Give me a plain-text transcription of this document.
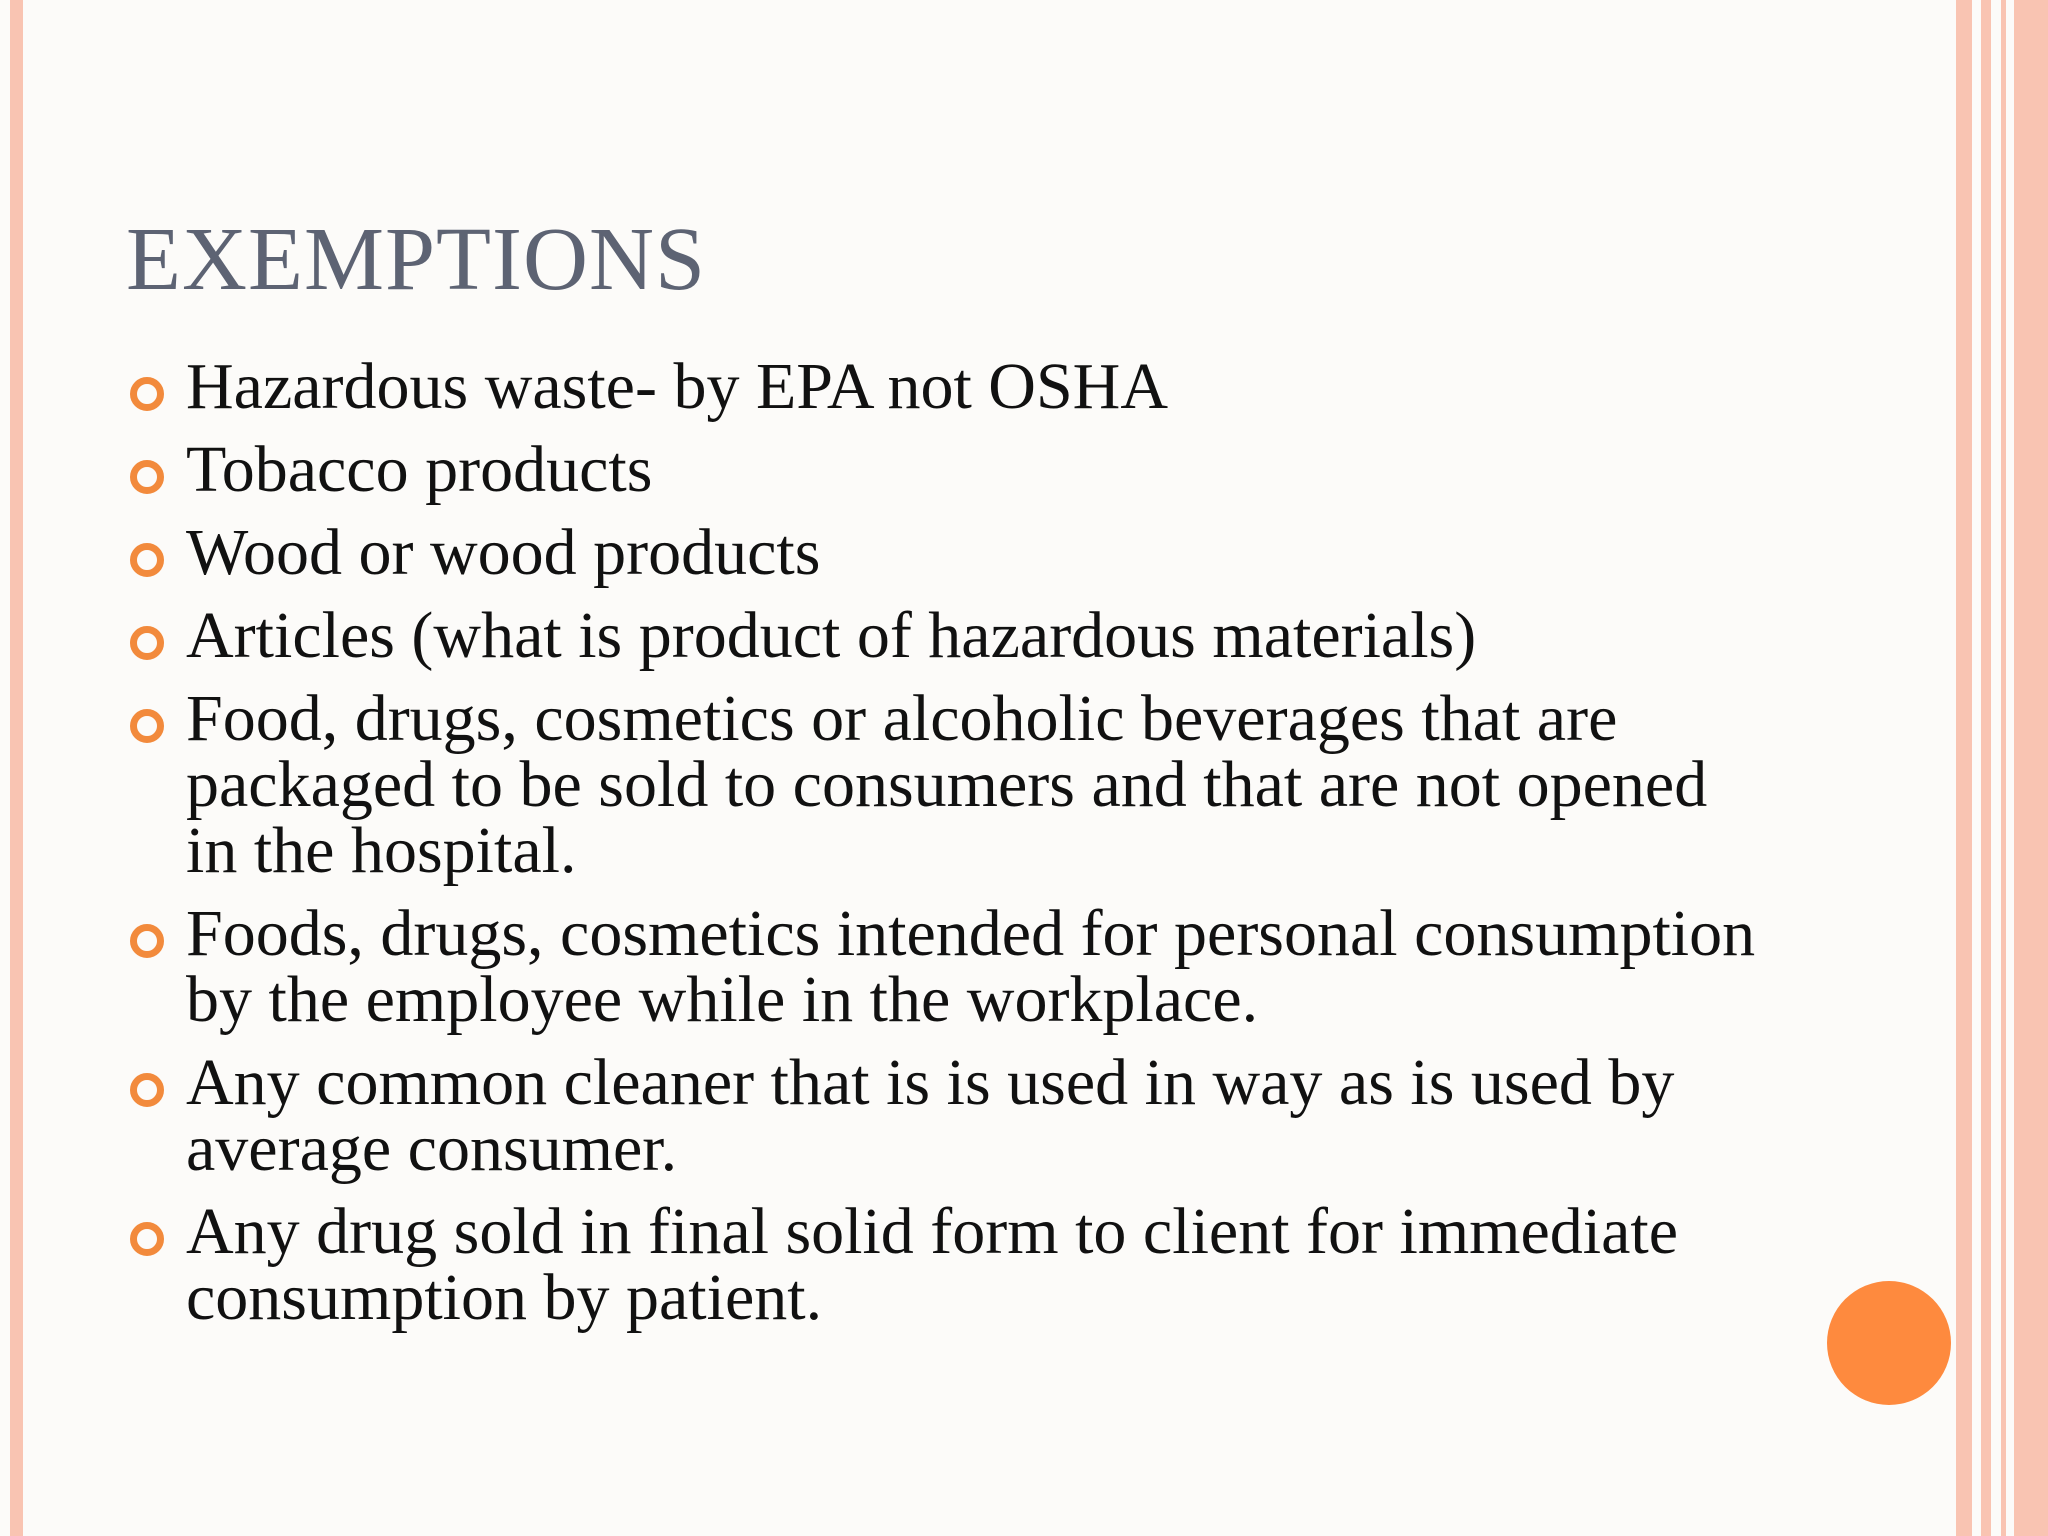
EXEMPTIONS
Hazardous waste- by EPA not OSHA
Tobacco products
Wood or wood products
Articles (what is product of hazardous materials)
Food, drugs, cosmetics or alcoholic beverages that are packaged to be sold to consumers and that are not opened in the hospital.
Foods, drugs, cosmetics intended for personal consumption by the employee while in the workplace.
Any common cleaner that is is used in way as is used by average consumer.
Any drug sold in final solid form to client for immediate consumption by patient.
